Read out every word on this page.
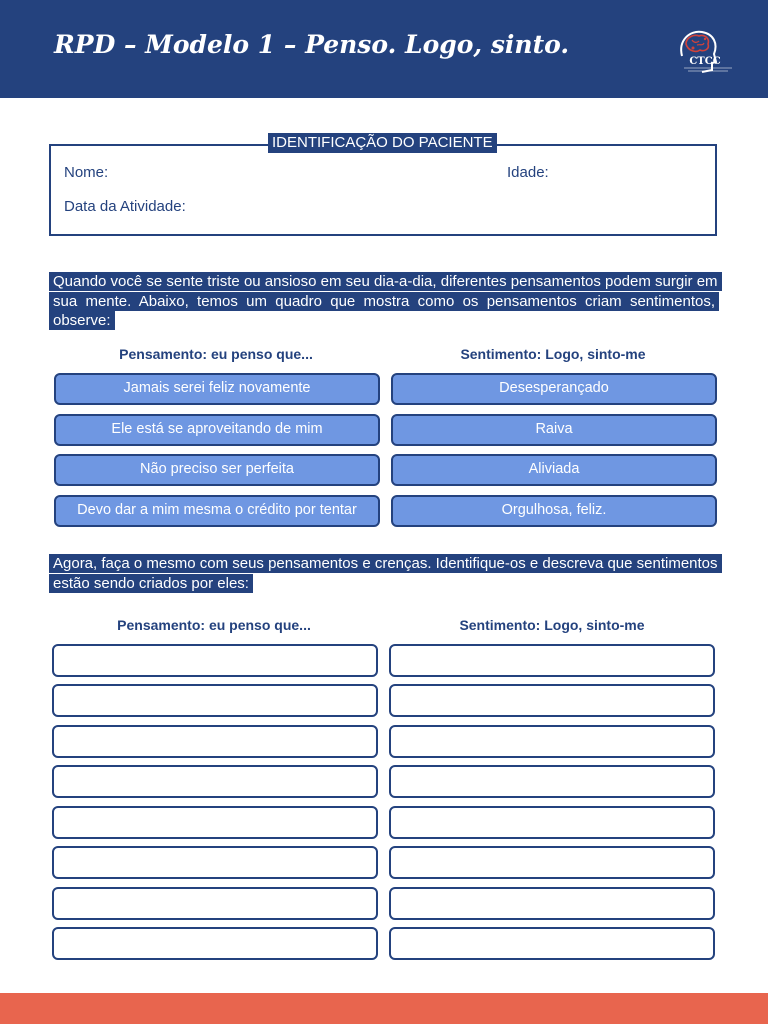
RPD – Modelo 1 – Penso. Logo, sinto.
CTCC
IDENTIFICAÇÃO DO PACIENTE
Nome:	Idade:
Data da Atividade:

Quando você se sente triste ou ansioso em seu dia-a-dia, diferentes pensamentos podem surgir em sua mente. Abaixo, temos um quadro que mostra como os pensamentos criam sentimentos, observe:

Pensamento: eu penso que...	Sentimento: Logo, sinto-me
Jamais serei feliz novamente	Desesperançado
Ele está se aproveitando de mim	Raiva
Não preciso ser perfeita	Aliviada
Devo dar a mim mesma o crédito por tentar	Orgulhosa, feliz.

Agora, faça o mesmo com seus pensamentos e crenças. Identifique-os e descreva que sentimentos estão sendo criados por eles:

Pensamento: eu penso que...	Sentimento: Logo, sinto-me
